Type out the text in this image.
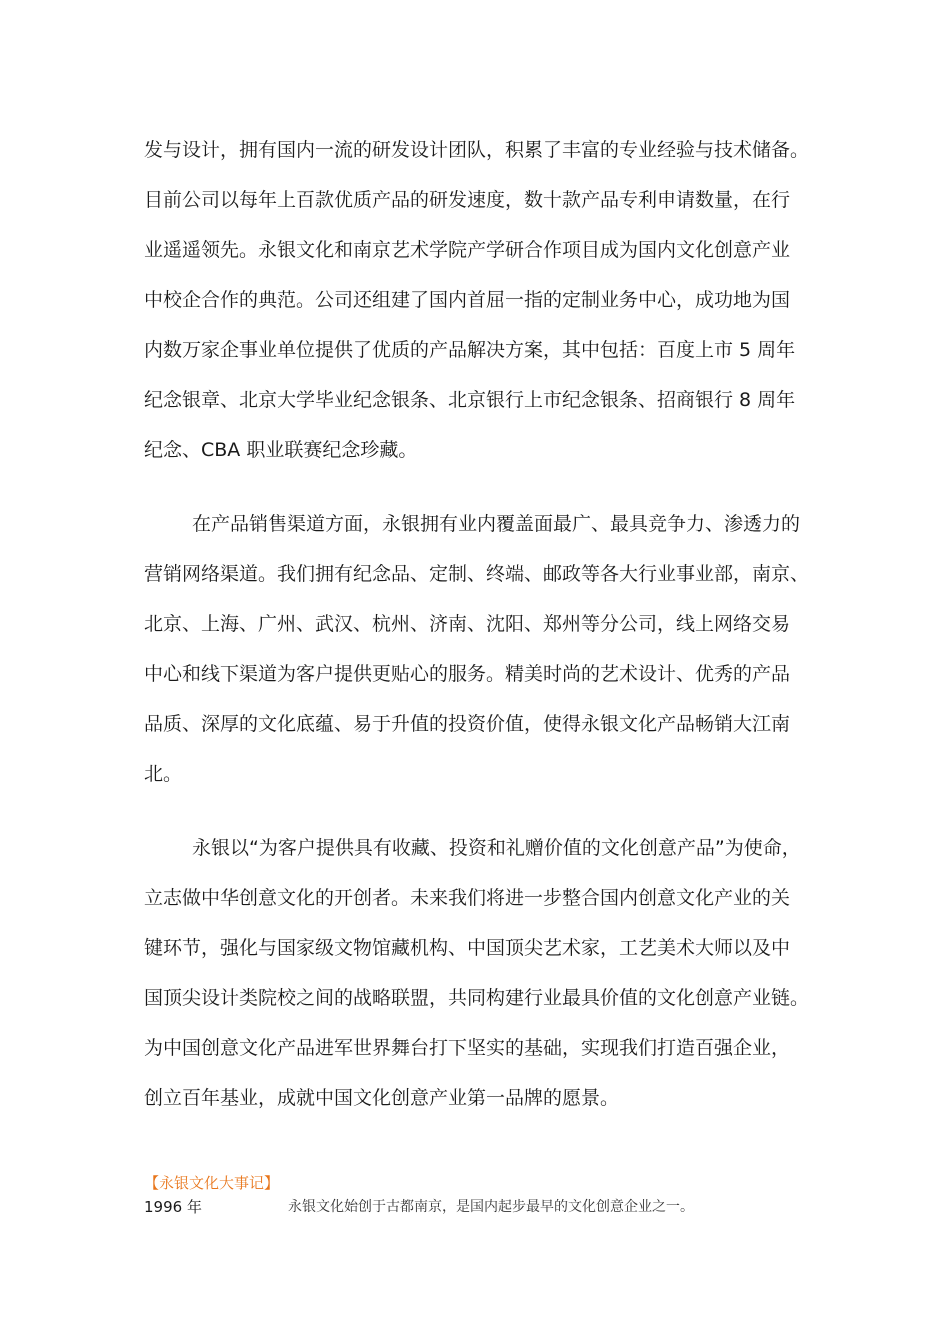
发与设计，拥有国内一流的研发设计团队，积累了丰富的专业经验与技术储备。
目前公司以每年上百款优质产品的研发速度，数十款产品专利申请数量，在行
业遥遥领先。永银文化和南京艺术学院产学研合作项目成为国内文化创意产业
中校企合作的典范。公司还组建了国内首屈一指的定制业务中心，成功地为国
内数万家企事业单位提供了优质的产品解决方案，其中包括：百度上市 5 周年
纪念银章、北京大学毕业纪念银条、北京银行上市纪念银条、招商银行 8 周年
纪念、CBA 职业联赛纪念珍藏。
在产品销售渠道方面，永银拥有业内覆盖面最广、最具竞争力、渗透力的
营销网络渠道。我们拥有纪念品、定制、终端、邮政等各大行业事业部，南京、
北京、上海、广州、武汉、杭州、济南、沈阳、郑州等分公司，线上网络交易
中心和线下渠道为客户提供更贴心的服务。精美时尚的艺术设计、优秀的产品
品质、深厚的文化底蕴、易于升值的投资价值，使得永银文化产品畅销大江南
北。
永银以“为客户提供具有收藏、投资和礼赠价值的文化创意产品”为使命，
立志做中华创意文化的开创者。未来我们将进一步整合国内创意文化产业的关
键环节，强化与国家级文物馆藏机构、中国顶尖艺术家，工艺美术大师以及中
国顶尖设计类院校之间的战略联盟，共同构建行业最具价值的文化创意产业链。
为中国创意文化产品进军世界舞台打下坚实的基础，实现我们打造百强企业，
创立百年基业，成就中国文化创意产业第一品牌的愿景。
【永银文化大事记】
1996 年	永银文化始创于古都南京，是国内起步最早的文化创意企业之一。
